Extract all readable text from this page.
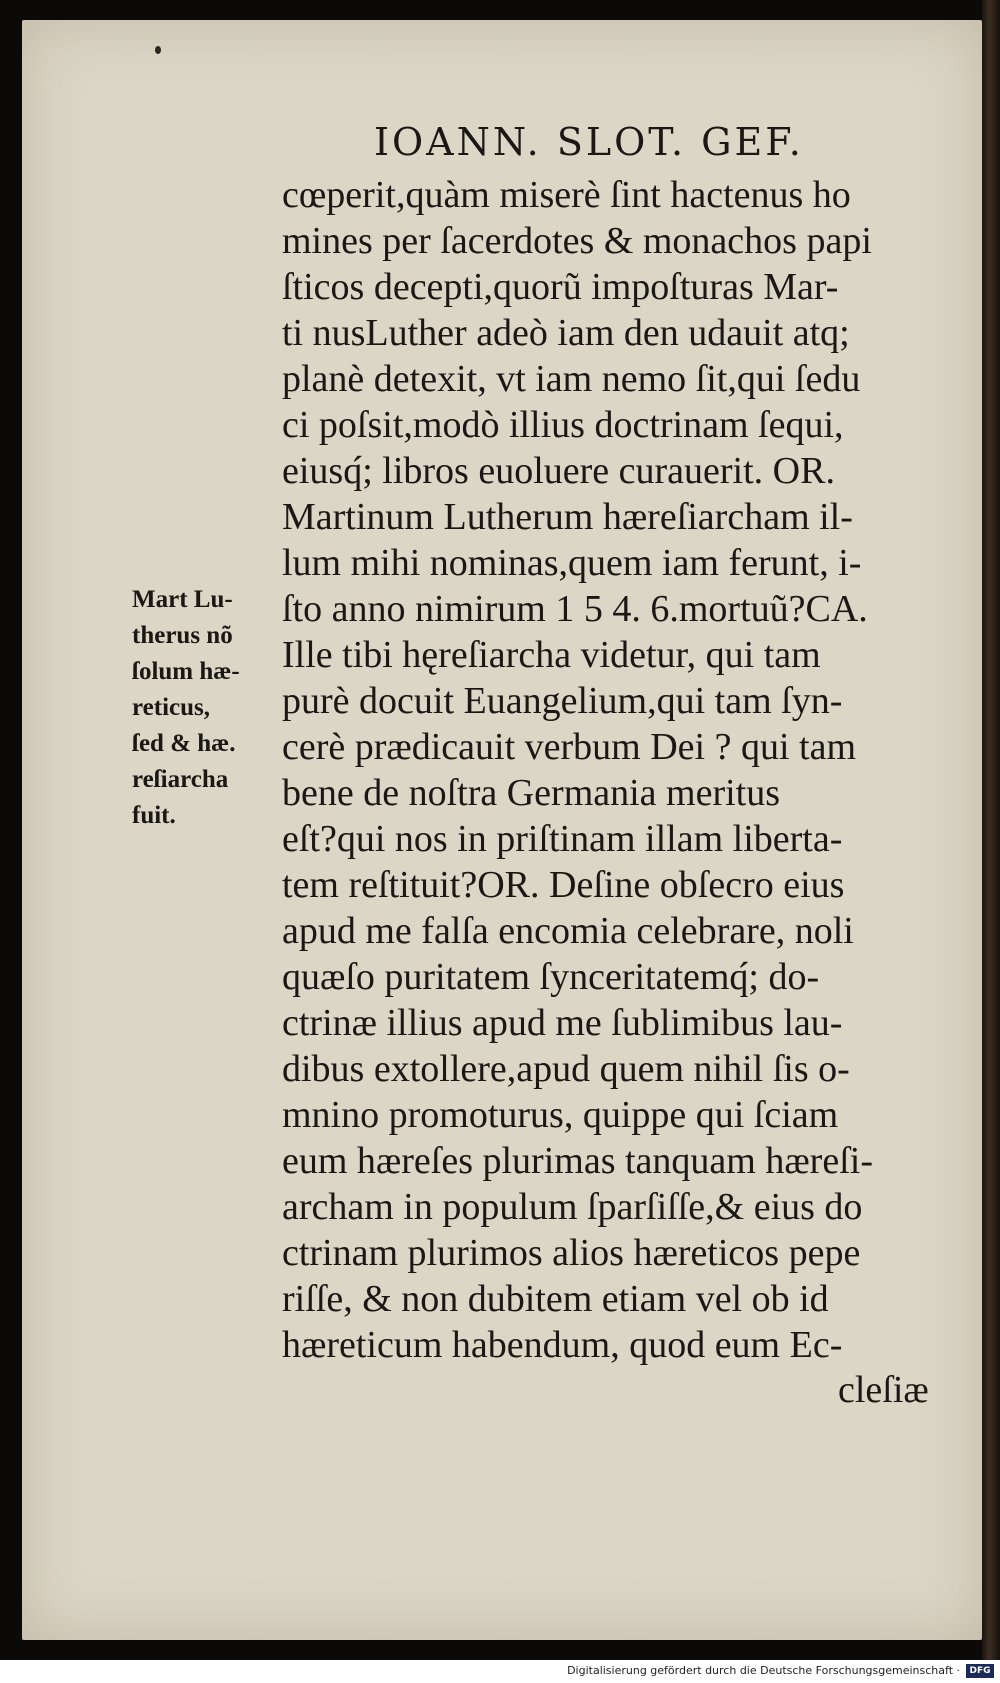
IOANN. SLOT. GEF.
Mart Lu-
therus nõ
ſolum hæ-
reticus,
ſed & hæ.
reſiarcha
fuit.
cœperit,quàm miserè ſint hactenus ho
mines per ſacerdotes & monachos papi
ſticos decepti,quorũ impoſturas Mar-
ti nusLuther adeò iam den udauit atq;
planè detexit, vt iam nemo ſit,qui ſedu
ci poſsit,modò illius doctrinam ſequi,
eiusq́; libros euoluere curauerit. OR.
Martinum Lutherum hæreſiarcham il-
lum mihi nominas,quem iam ferunt, i-
ſto anno nimirum 1 5 4. 6.mortuũ?CA.
Ille tibi hęreſiarcha videtur, qui tam
purè docuit Euangelium,qui tam ſyn-
cerè prædicauit verbum Dei ? qui tam
bene de noſtra Germania meritus
eſt?qui nos in priſtinam illam liberta-
tem reſtituit?OR. Deſine obſecro eius
apud me falſa encomia celebrare, noli
quæſo puritatem ſynceritatemq́; do-
ctrinæ illius apud me ſublimibus lau-
dibus extollere,apud quem nihil ſis o-
mnino promoturus, quippe qui ſciam
eum hæreſes plurimas tanquam hæreſi-
archam in populum ſparſiſſe,& eius do
ctrinam plurimos alios hæreticos pepe
riſſe, & non dubitem etiam vel ob id
hæreticum habendum, quod eum Ec-
cleſiæ
Digitalisierung gefördert durch die Deutsche Forschungsgemeinschaft ·	DFG
